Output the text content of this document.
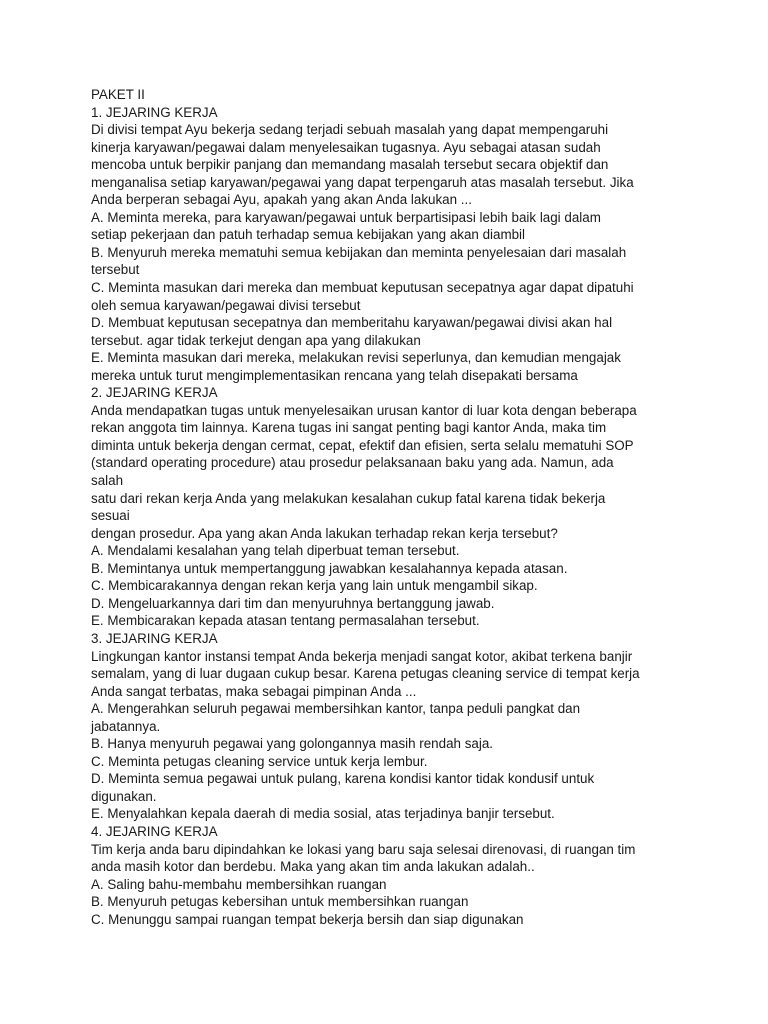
PAKET II
1. JEJARING KERJA
Di divisi tempat Ayu bekerja sedang terjadi sebuah masalah yang dapat mempengaruhi
kinerja karyawan/pegawai dalam menyelesaikan tugasnya. Ayu sebagai atasan sudah
mencoba untuk berpikir panjang dan memandang masalah tersebut secara objektif dan
menganalisa setiap karyawan/pegawai yang dapat terpengaruh atas masalah tersebut. Jika
Anda berperan sebagai Ayu, apakah yang akan Anda lakukan ...
A. Meminta mereka, para karyawan/pegawai untuk berpartisipasi lebih baik lagi dalam
setiap pekerjaan dan patuh terhadap semua kebijakan yang akan diambil
B. Menyuruh mereka mematuhi semua kebijakan dan meminta penyelesaian dari masalah
tersebut
C. Meminta masukan dari mereka dan membuat keputusan secepatnya agar dapat dipatuhi
oleh semua karyawan/pegawai divisi tersebut
D. Membuat keputusan secepatnya dan memberitahu karyawan/pegawai divisi akan hal
tersebut. agar tidak terkejut dengan apa yang dilakukan
E. Meminta masukan dari mereka, melakukan revisi seperlunya, dan kemudian mengajak
mereka untuk turut mengimplementasikan rencana yang telah disepakati bersama
2. JEJARING KERJA
Anda mendapatkan tugas untuk menyelesaikan urusan kantor di luar kota dengan beberapa
rekan anggota tim lainnya. Karena tugas ini sangat penting bagi kantor Anda, maka tim
diminta untuk bekerja dengan cermat, cepat, efektif dan efisien, serta selalu mematuhi SOP
(standard operating procedure) atau prosedur pelaksanaan baku yang ada. Namun, ada
salah
satu dari rekan kerja Anda yang melakukan kesalahan cukup fatal karena tidak bekerja
sesuai
dengan prosedur. Apa yang akan Anda lakukan terhadap rekan kerja tersebut?
A. Mendalami kesalahan yang telah diperbuat teman tersebut.
B. Memintanya untuk mempertanggung jawabkan kesalahannya kepada atasan.
C. Membicarakannya dengan rekan kerja yang lain untuk mengambil sikap.
D. Mengeluarkannya dari tim dan menyuruhnya bertanggung jawab.
E. Membicarakan kepada atasan tentang permasalahan tersebut.
3. JEJARING KERJA
Lingkungan kantor instansi tempat Anda bekerja menjadi sangat kotor, akibat terkena banjir
semalam, yang di luar dugaan cukup besar. Karena petugas cleaning service di tempat kerja
Anda sangat terbatas, maka sebagai pimpinan Anda ...
A. Mengerahkan seluruh pegawai membersihkan kantor, tanpa peduli pangkat dan
jabatannya.
B. Hanya menyuruh pegawai yang golongannya masih rendah saja.
C. Meminta petugas cleaning service untuk kerja lembur.
D. Meminta semua pegawai untuk pulang, karena kondisi kantor tidak kondusif untuk
digunakan.
E. Menyalahkan kepala daerah di media sosial, atas terjadinya banjir tersebut.
4. JEJARING KERJA
Tim kerja anda baru dipindahkan ke lokasi yang baru saja selesai direnovasi, di ruangan tim
anda masih kotor dan berdebu. Maka yang akan tim anda lakukan adalah..
A. Saling bahu-membahu membersihkan ruangan
B. Menyuruh petugas kebersihan untuk membersihkan ruangan
C. Menunggu sampai ruangan tempat bekerja bersih dan siap digunakan
